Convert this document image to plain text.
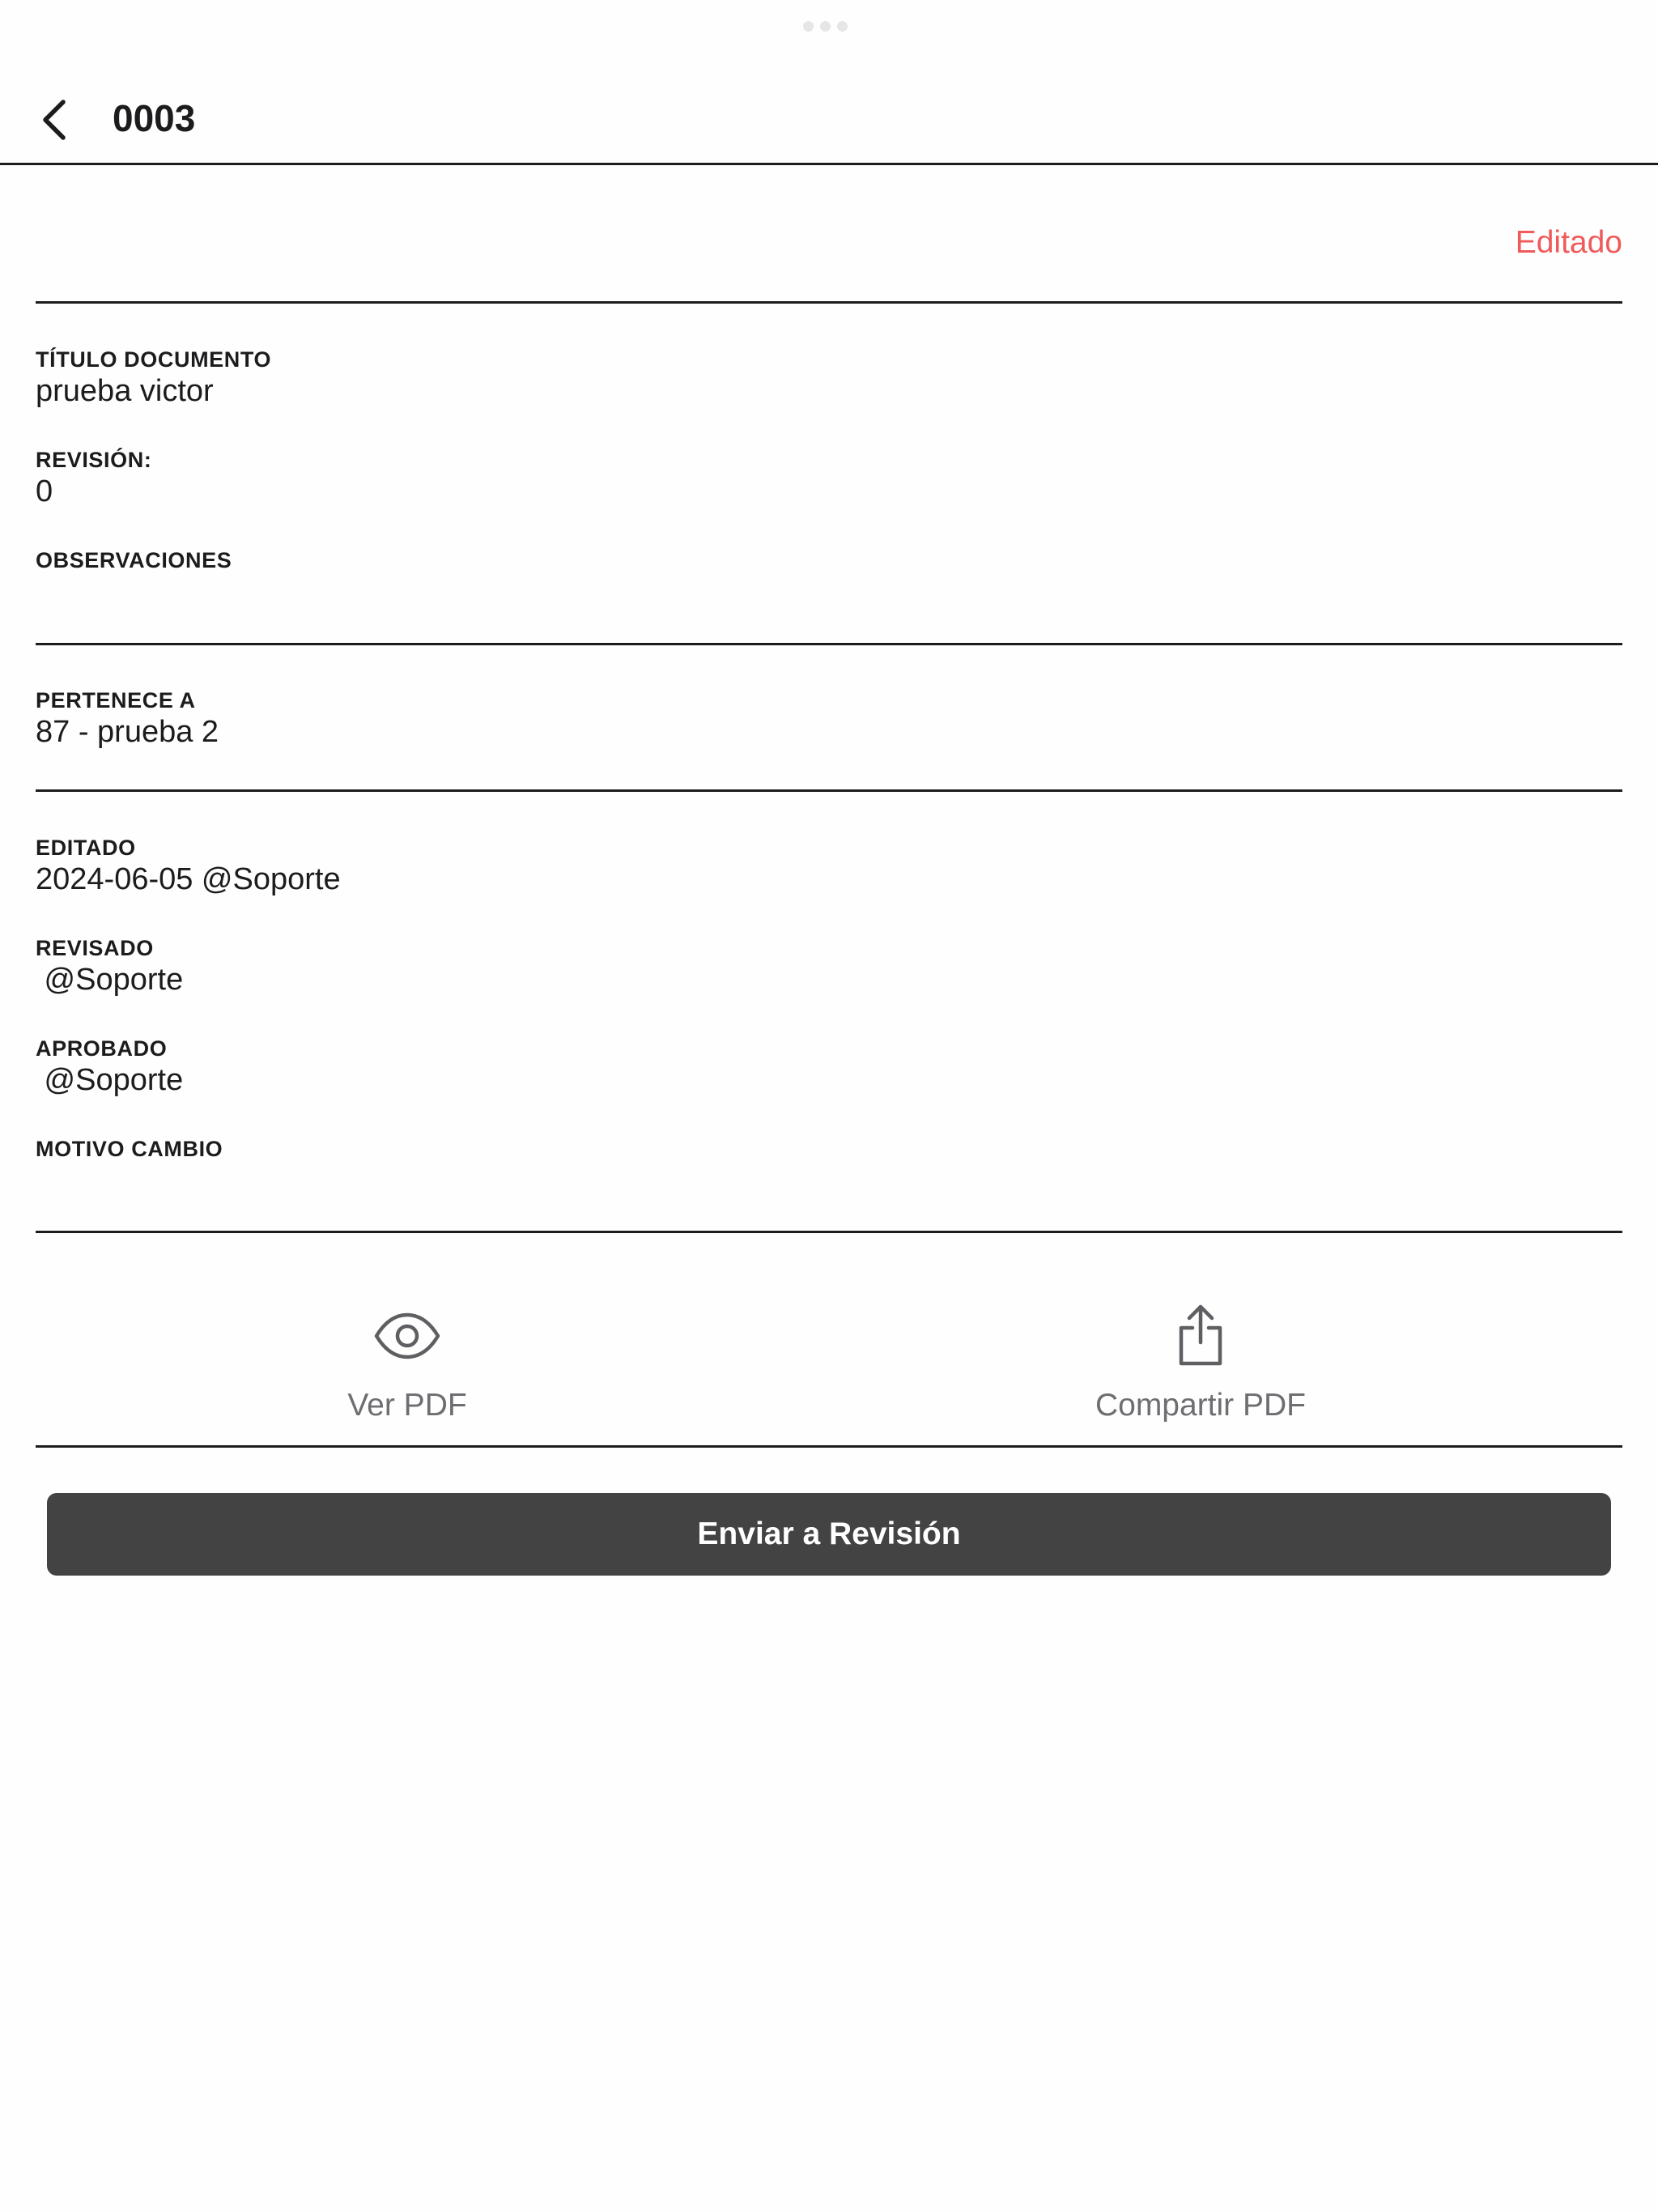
0003
Editado
TÍTULO DOCUMENTO
prueba victor
REVISIÓN:
0
OBSERVACIONES
PERTENECE A
87 - prueba 2
EDITADO
2024-06-05 @Soporte
REVISADO
@Soporte
APROBADO
@Soporte
MOTIVO CAMBIO
Ver PDF	Compartir PDF
Enviar a Revisión
